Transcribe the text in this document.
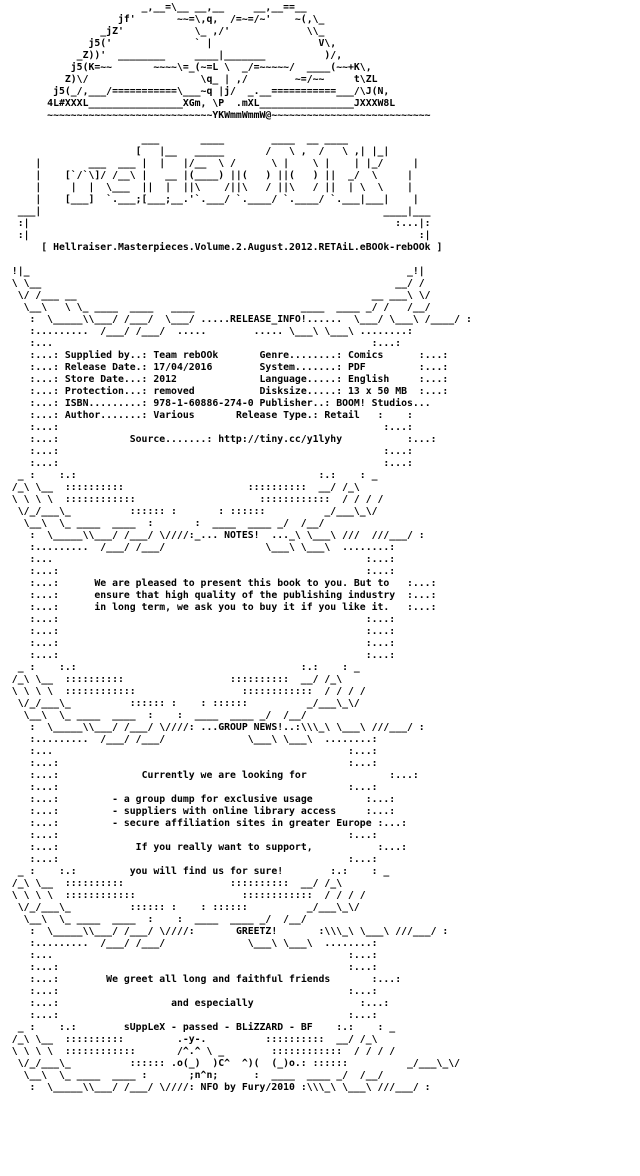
_,__=\__ __,__     __,__==__
jf'       ~~=\,q,  /=~=/~'    ~(,\_
_jZ'            \_ ,/'             \\_
j5('              ` |                  V\,
_Z))'  ________     ____|_______          )/,
j5(K=~~       ~~~~\=_(~=L \  _/=~~~~~/  ____(~~+K\,
Z)\/                   \q_ | ,/        ~=/~~     t\ZL
j5(_/,___/===========\___~q |j/  _.__===========___/\J(N,
4L#XXXL________________XGm, \P  .mXL________________JXXXW8L
~~~~~~~~~~~~~~~~~~~~~~~~~~~~YKWmmWmmW@~~~~~~~~~~~~~~~~~~~~~~~~~~~
___       ____        ____  __ ____
[   |__   _____       /   \ ,  /   \ ,| |_|
|        ___  ___ |  |   |/__  \ /      \ |    \ |    | |_/     |
|    [`/`\]/ /__\ |   __ |(____) ||(   ) ||(   ) ||  _/  \     |
|     |  |  \___  ||  |  ||\    /||\   / ||\   / ||  | \  \    |
|    [___]  `.___;[___;__.'`.___/ `.____/ `.____/ `.___|___|    |
___|                                                          ____|___
:|                                                              :...|:
:|                                                                  :|
[ Hellraiser.Masterpieces.Volume.2.August.2012.RETAiL.eBOOk-rebOOk ]
!|_                                                                _!|
\ \__                                                            __/ /
\/ /___ __                                                  __ ___\ \/
\__\   \ \_ ____  ____   ____                  ____  ____ _/ /   /__/
:  \_____\\___/ /___/  \___/ .....RELEASE_INFO!......  \___/ \___\ /____/ :
:.........  /___/ /___/  .....        ..... \___\ \___\ ........:
:...                                                      :...:
:...: Supplied by..: Team rebOOk       Genre........: Comics      :...:
:...: Release Date.: 17/04/2016        System.......: PDF         :...:
:...: Store Date...: 2012              Language.....: English     :...:
:...: Protection...: removed           Disksize.....: 13 x 50 MB  :...:
:...: ISBN.........: 978-1-60886-274-0 Publisher..: BOOM! Studios...
:...: Author.......: Various       Release Type.: Retail   :    :
:...:                                                       :...:
:...:            Source.......: http://tiny.cc/y1lyhy           :...:
:...:                                                       :...:
:...:                                                       :...:
_ :    :.:                                         :.:    : _
/_\ \__  ::::::::::                     ::::::::::  __/ /_\
\ \ \ \  ::::::::::::                     ::::::::::::  / / / /
\/_/___\_          :::::: :       : ::::::          _/___\_\/
\__\  \_ ____  ____  :       :  ____  ____ _/  /__/
:  \_____\\___/ /___/ \////:_... NOTES!  ..._\ \___\ ///  ///___/ :
:.........  /___/ /___/                 \___\ \___\  ........:
:...                                                     :...:
:...:                                                    :...:
:...:      We are pleased to present this book to you. But to   :...:
:...:      ensure that high quality of the publishing industry  :...:
:...:      in long term, we ask you to buy it if you like it.   :...:
:...:                                                    :...:
:...:                                                    :...:
:...:                                                    :...:
:...:                                                    :...:
_ :    :.:                                      :.:    : _
/_\ \__  ::::::::::                  ::::::::::  __/ /_\
\ \ \ \  ::::::::::::                  ::::::::::::  / / / /
\/_/___\_          :::::: :    : ::::::          _/___\_\/
\__\  \_ ____  ____  :    :  ____  ____ _/  /__/
:  \_____\\___/ /___/ \////: ...GROUP NEWS!..:\\\_\ \___\ ///___/ :
:.........  /___/ /___/              \___\ \___\  ........:
:...                                                  :...:
:...:                                                 :...:
:...:              Currently we are looking for              :...:
:...:                                                 :...:
:...:         - a group dump for exclusive usage         :...:
:...:         - suppliers with online library access     :...:
:...:         - secure affiliation sites in greater Europe :...:
:...:                                                 :...:
:...:             If you really want to support,           :...:
:...:                                                 :...:
_ :    :.:         you will find us for sure!        :.:    : _
/_\ \__  ::::::::::                  ::::::::::  __/ /_\
\ \ \ \  ::::::::::::                  ::::::::::::  / / / /
\/_/___\_          :::::: :    : ::::::          _/___\_\/
\__\  \_ ____  ____  :    :  ____  ____ _/  /__/
:  \_____\\___/ /___/ \////:       GREETZ!       :\\\_\ \___\ ///___/ :
:.........  /___/ /___/              \___\ \___\  ........:
:...                                                  :...:
:...:                                                 :...:
:...:        We greet all long and faithful friends       :...:
:...:                                                 :...:
:...:                   and especially                  :...:
:...:                                                 :...:
_ :    :.:        sUppLeX - passed - BLiZZARD - BF    :.:    : _
/_\ \__  ::::::::::         .-y-.          ::::::::::  __/ /_\
\ \ \ \  ::::::::::::       /^.^ \ _        ::::::::::::  / / / /
\/_/___\_          :::::: .o(_)  )C^  ^)(  (_)o.: ::::::          _/___\_\/
\__\  \_ ____  ____ :       ;n^n;      :  ____  ____ _/  /__/
:  \_____\\___/ /___/ \////: NFO by Fury/2010 :\\\_\ \___\ ///___/ :
